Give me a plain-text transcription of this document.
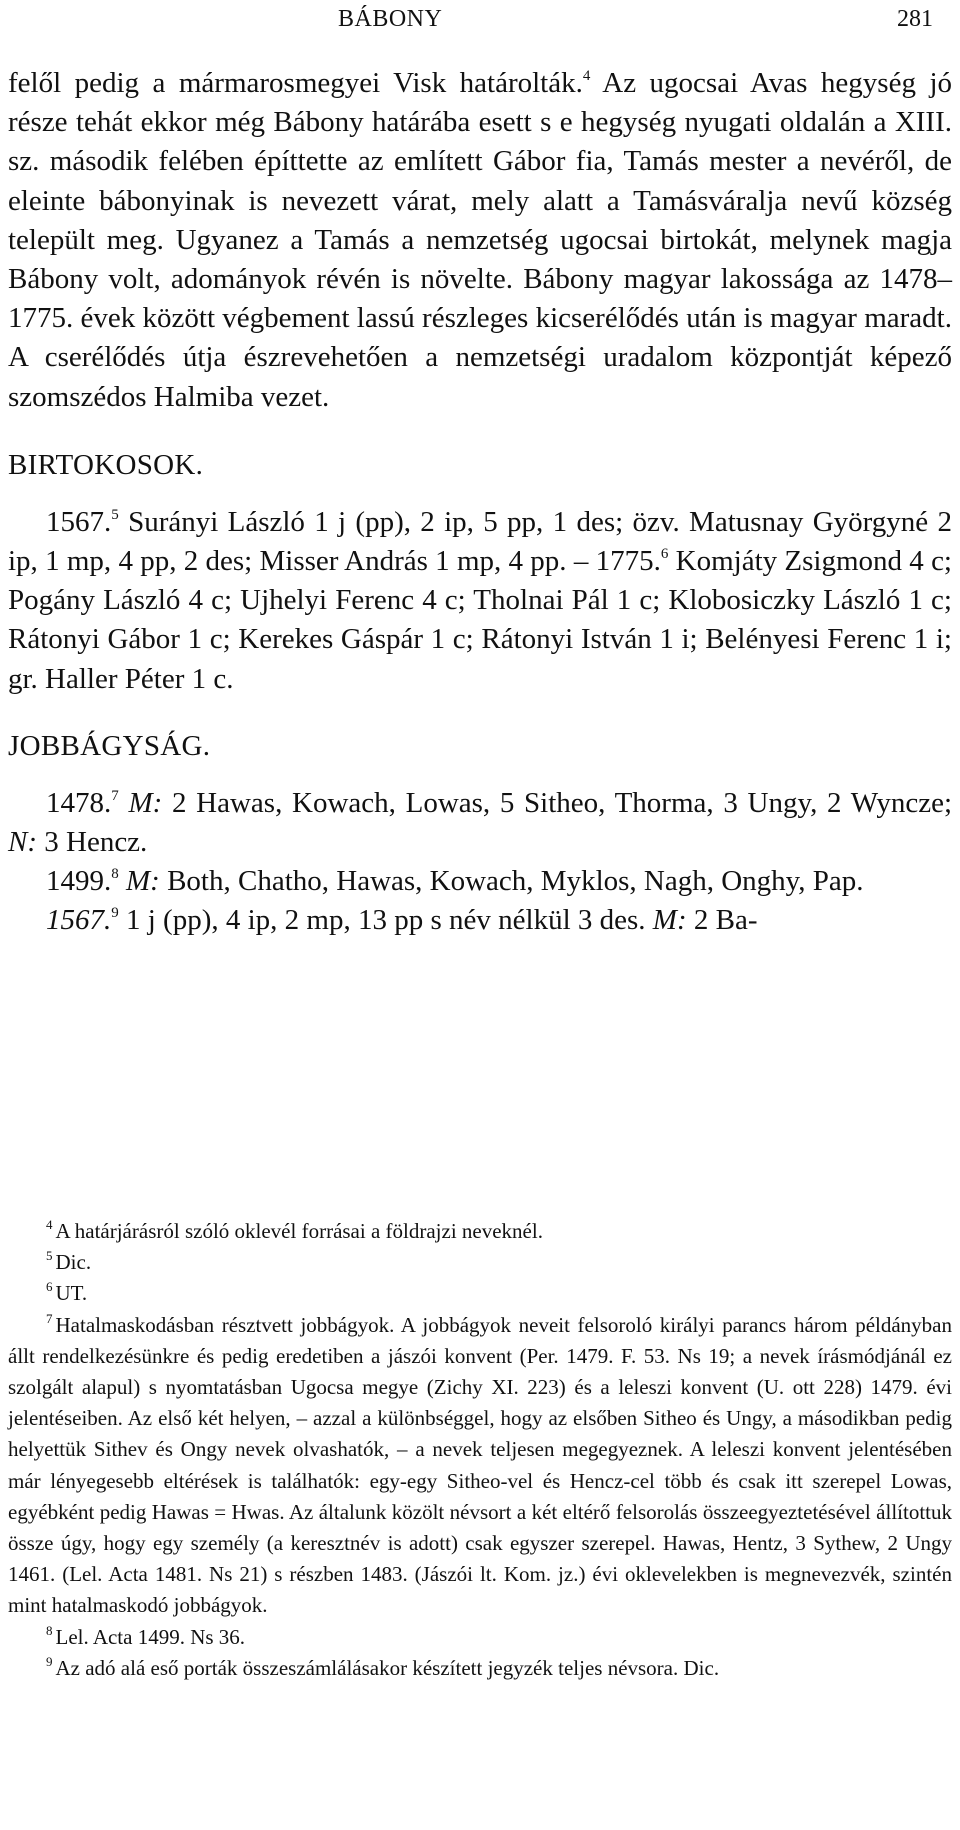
BÁBONY	281

felől pedig a mármarosmegyei Visk határolták.$^4$ Az ugocsai Avas hegység jó része tehát ekkor még Bábony határába esett s e hegység nyugati oldalán a XIII. sz. második felében építtette az említett Gábor fia, Tamás mester a nevéről, de eleinte bábonyinak is nevezett várat, mely alatt a Tamásváralja nevű község települt meg. Ugyanez a Tamás a nemzetség ugocsai birtokát, melynek magja Bábony volt, adományok révén is növelte. Bábony magyar lakossága az 1478–1775. évek között végbement lassú részleges kicserélődés után is magyar maradt. A cserélődés útja észrevehetően a nemzetségi uradalom központját képező szomszédos Halmiba vezet.

BIRTOKOSOK.

1567.$^5$ Surányi László 1 j (pp), 2 ip, 5 pp, 1 des; özv. Matusnay Györgyné 2 ip, 1 mp, 4 pp, 2 des; Misser András 1 mp, 4 pp. – 1775.$^6$ Komjáty Zsigmond 4 c; Pogány László 4 c; Ujhelyi Ferenc 4 c; Tholnai Pál 1 c; Klobosiczky László 1 c; Rátonyi Gábor 1 c; Kerekes Gáspár 1 c; Rátonyi István 1 i; Belényesi Ferenc 1 i; gr. Haller Péter 1 c.

JOBBÁGYSÁG.

1478.$^7$ M: 2 Hawas, Kowach, Lowas, 5 Sitheo, Thorma, 3 Ungy, 2 Wyncze; N: 3 Hencz.

1499.$^8$ M: Both, Chatho, Hawas, Kowach, Myklos, Nagh, Onghy, Pap.

1567.$^9$ 1 j (pp), 4 ip, 2 mp, 13 pp s név nélkül 3 des. M: 2 Ba-

$^4$ A határjárásról szóló oklevél forrásai a földrajzi neveknél.

$^5$ Dic.

$^6$ UT.

$^7$ Hatalmaskodásban résztvett jobbágyok. A jobbágyok neveit felsoroló királyi parancs három példányban állt rendelkezésünkre és pedig eredetiben a jászói konvent (Per. 1479. F. 53. Ns 19; a nevek írásmódjánál ez szolgált alapul) s nyomtatásban Ugocsa megye (Zichy XI. 223) és a leleszi konvent (U. ott 228) 1479. évi jelentéseiben. Az első két helyen, – azzal a különbséggel, hogy az elsőben Sitheo és Ungy, a másodikban pedig helyettük Sithev és Ongy nevek olvashatók, – a nevek teljesen megegyeznek. A leleszi konvent jelentésében már lényegesebb eltérések is találhatók: egy-egy Sitheo-vel és Hencz-cel több és csak itt szerepel Lowas, egyébként pedig Hawas = Hwas. Az általunk közölt névsort a két eltérő felsorolás összeegyeztetésével állítottuk össze úgy, hogy egy személy (a keresztnév is adott) csak egyszer szerepel. Hawas, Hentz, 3 Sythew, 2 Ungy 1461. (Lel. Acta 1481. Ns 21) s részben 1483. (Jászói lt. Kom. jz.) évi oklevelekben is megnevezvék, szintén mint hatalmaskodó jobbágyok.

$^8$ Lel. Acta 1499. Ns 36.

$^9$ Az adó alá eső porták összeszámlálásakor készített jegyzék teljes névsora. Dic.
